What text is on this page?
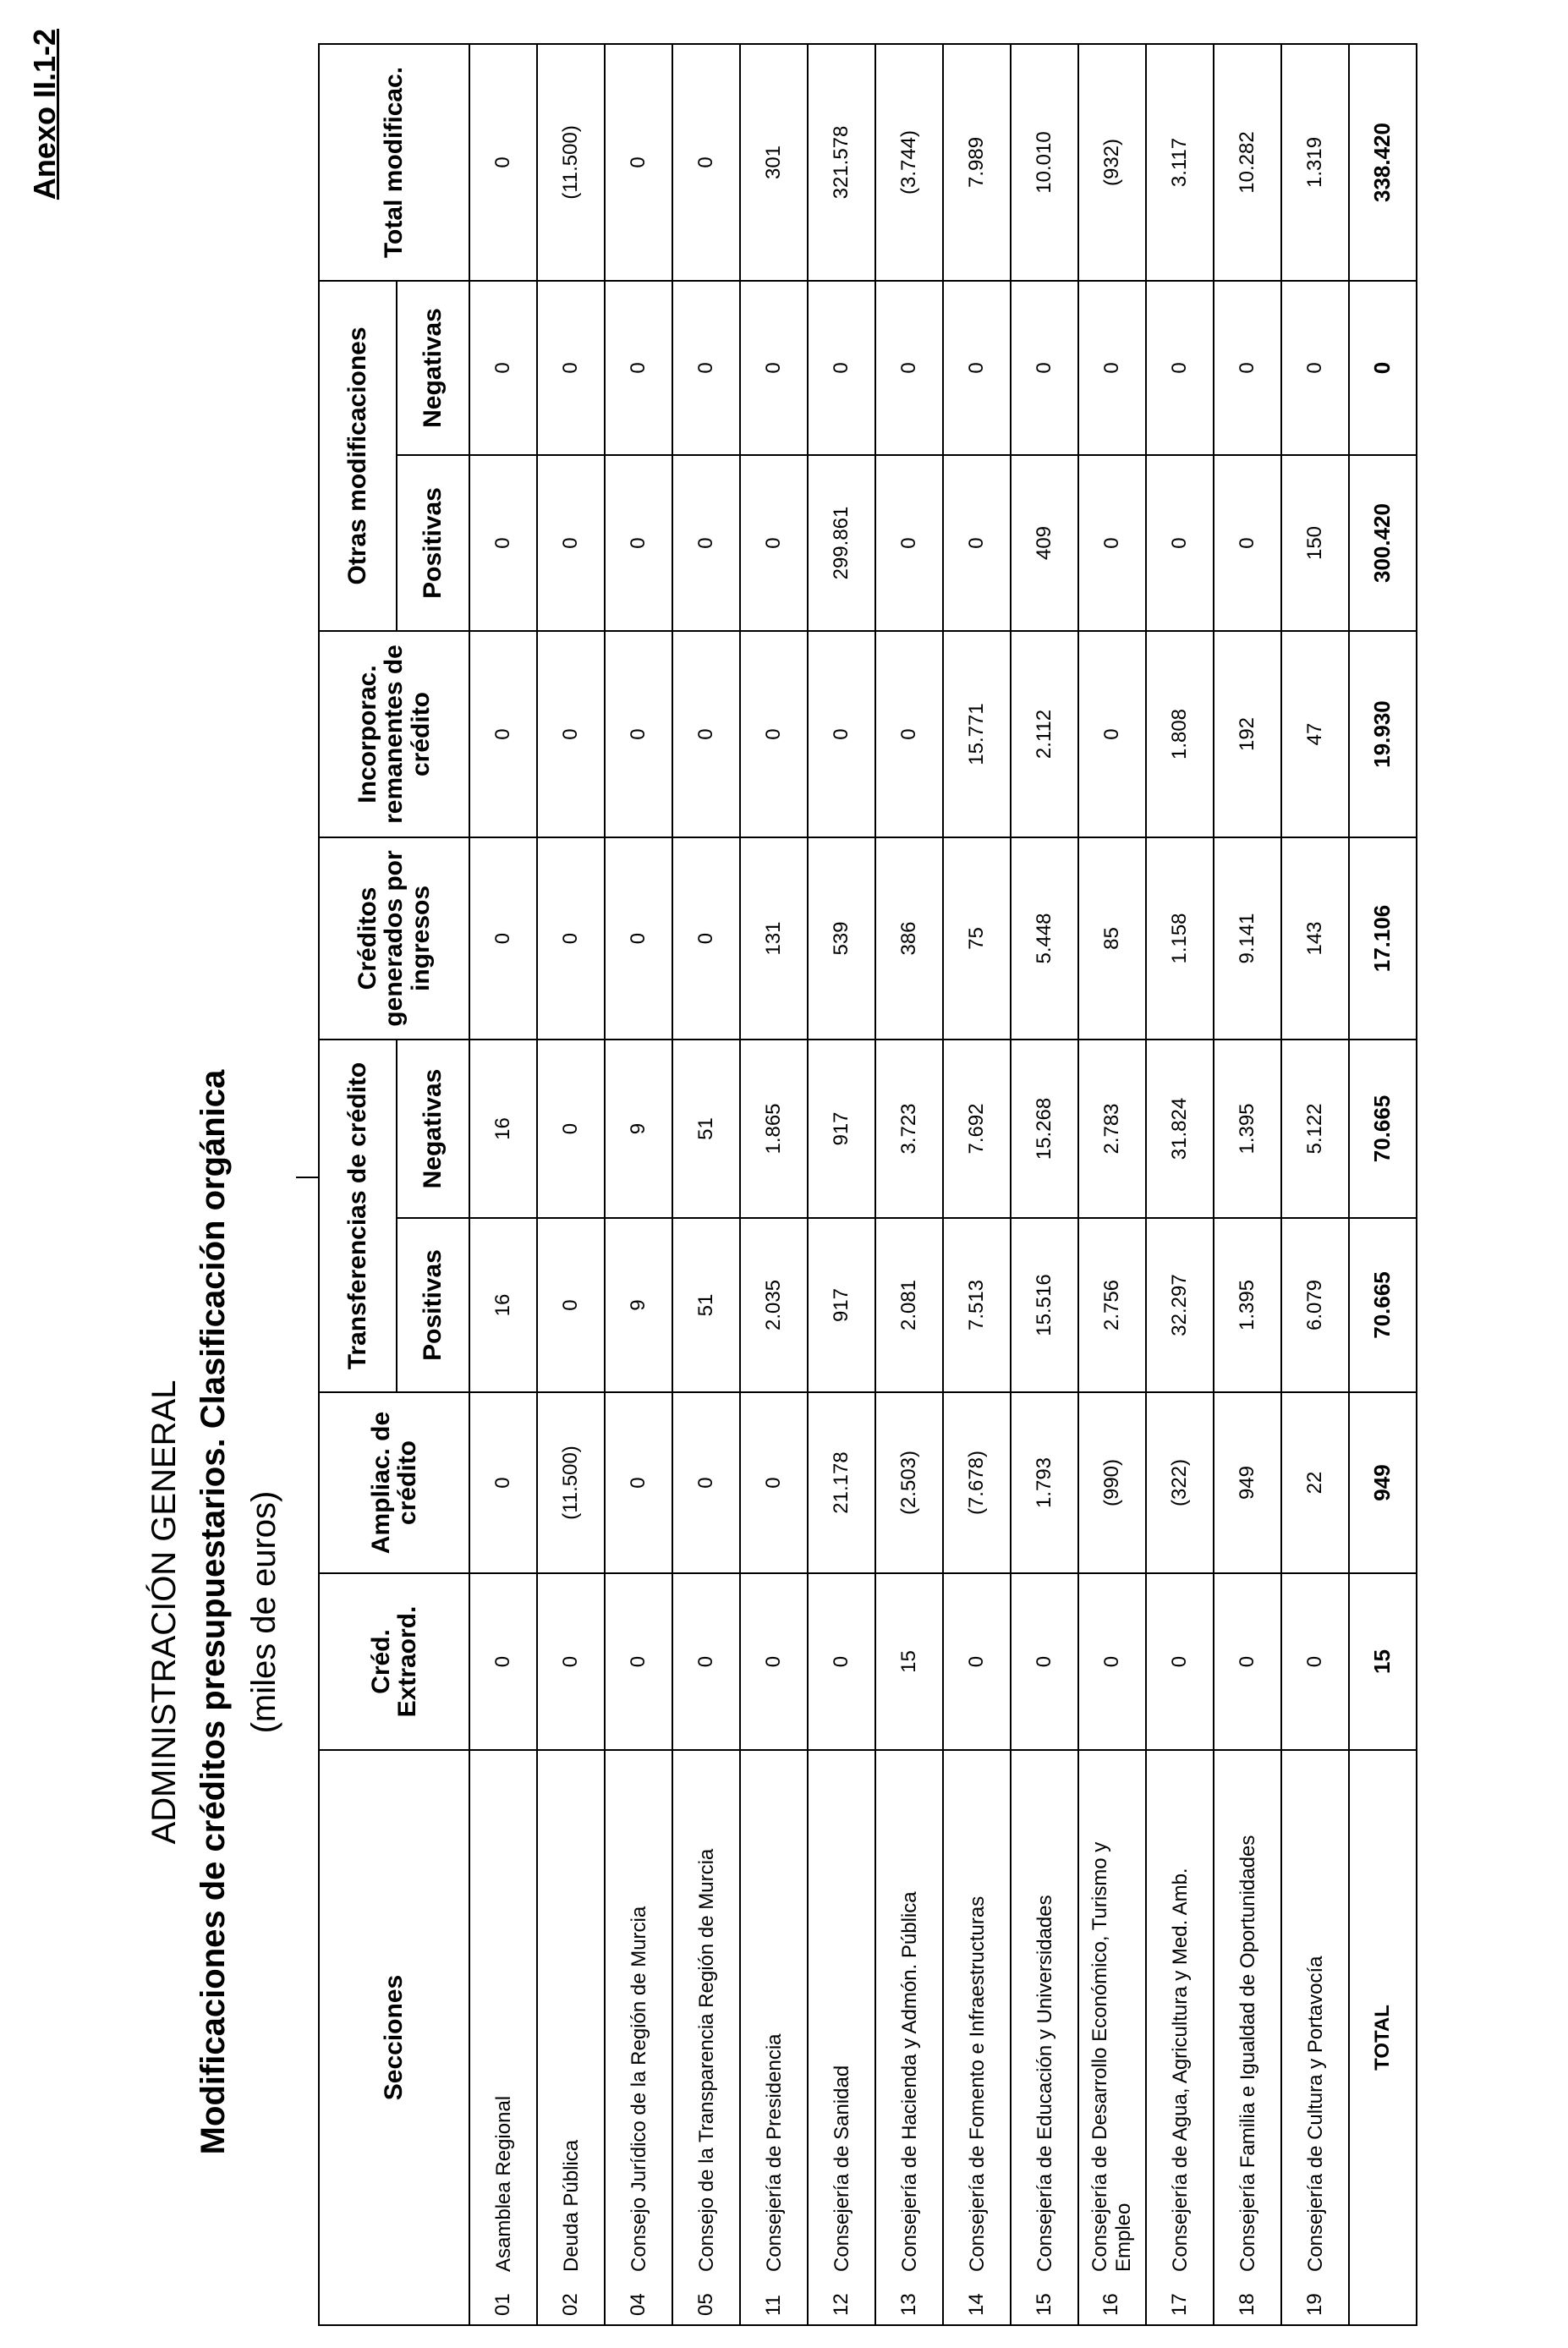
Anexo II.1-2
ADMINISTRACIÓN GENERAL Modificaciones de créditos presupuestarios. Clasificación orgánica (miles de euros)
Secciones	Créd. Extraord.	Ampliac. de crédito	Transferencias de crédito		Créditos generados por ingresos	Incorporac. remanentes de crédito	Otras modificaciones		Total modificac.
			Positivas	Negativas			Positivas	Negativas	
01Asamblea Regional	0	0	16	16	0	0	0	0	0
02Deuda Pública	0	(11.500)	0	0	0	0	0	0	(11.500)
04Consejo Jurídico de la Región de Murcia	0	0	9	9	0	0	0	0	0
05Consejo de la Transparencia Región de Murcia	0	0	51	51	0	0	0	0	0
11Consejería de Presidencia	0	0	2.035	1.865	131	0	0	0	301
12Consejería de Sanidad	0	21.178	917	917	539	0	299.861	0	321.578
13Consejería de Hacienda y Admón. Pública	15	(2.503)	2.081	3.723	386	0	0	0	(3.744)
14Consejería de Fomento e Infraestructuras	0	(7.678)	7.513	7.692	75	15.771	0	0	7.989
15Consejería de Educación y Universidades	0	1.793	15.516	15.268	5.448	2.112	409	0	10.010
16Consejería de Desarrollo Económico, Turismo y Empleo	0	(990)	2.756	2.783	85	0	0	0	(932)
17Consejería de Agua, Agricultura y Med. Amb.	0	(322)	32.297	31.824	1.158	1.808	0	0	3.117
18Consejería Familia e Igualdad de Oportunidades	0	949	1.395	1.395	9.141	192	0	0	10.282
19Consejería de Cultura y Portavocía	0	22	6.079	5.122	143	47	150	0	1.319
TOTAL	15	949	70.665	70.665	17.106	19.930	300.420	0	338.420
